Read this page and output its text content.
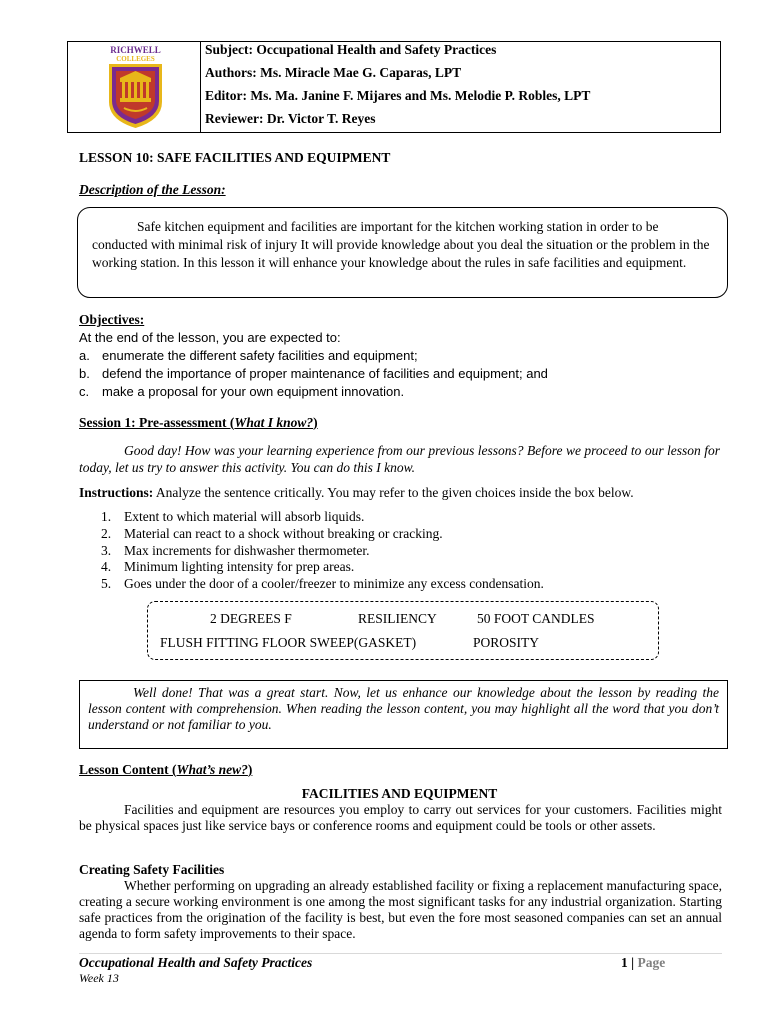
RICHWELL
COLLEGES
Subject: Occupational Health and Safety Practices
Authors: Ms. Miracle Mae G. Caparas, LPT
Editor: Ms. Ma. Janine F. Mijares and Ms. Melodie P. Robles, LPT
Reviewer: Dr. Victor T. Reyes
LESSON 10: SAFE FACILITIES AND EQUIPMENT
Description of the Lesson:

Safe kitchen equipment and facilities are important for the kitchen working station in order to be conducted with minimal risk of injury It will provide knowledge about you deal the situation or the problem in the working station. In this lesson it will enhance your knowledge about the rules in safe facilities and equipment.

Objectives:
At the end of the lesson, you are expected to:
a. enumerate the different safety facilities and equipment;
b. defend the importance of proper maintenance of facilities and equipment; and
c. make a proposal for your own equipment innovation.
Session 1: Pre-assessment (What I know?)
Good day! How was your learning experience from our previous lessons? Before we proceed to our lesson for today, let us try to answer this activity. You can do this I know.
Instructions: Analyze the sentence critically. You may refer to the given choices inside the box below.
1. Extent to which material will absorb liquids.
2. Material can react to a shock without breaking or cracking.
3. Max increments for dishwasher thermometer.
4. Minimum lighting intensity for prep areas.
5. Goes under the door of a cooler/freezer to minimize any excess condensation.
2 DEGREES F	RESILIENCY	50 FOOT CANDLES
FLUSH FITTING FLOOR SWEEP(GASKET)	POROSITY

Well done! That was a great start. Now, let us enhance our knowledge about the lesson by reading the lesson content with comprehension. When reading the lesson content, you may highlight all the word that you don’t understand or not familiar to you.

Lesson Content (What’s new?)
FACILITIES AND EQUIPMENT
Facilities and equipment are resources you employ to carry out services for your customers. Facilities might be physical spaces just like service bays or conference rooms and equipment could be tools or other assets.
Creating Safety Facilities
Whether performing on upgrading an already established facility or fixing a replacement manufacturing space, creating a secure working environment is one among the most significant tasks for any industrial organization. Starting safe practices from the origination of the facility is best, but even the fore most seasoned companies can set an annual agenda to form safety improvements to their space.
Occupational Health and Safety Practices
Week 13
1 | Page
